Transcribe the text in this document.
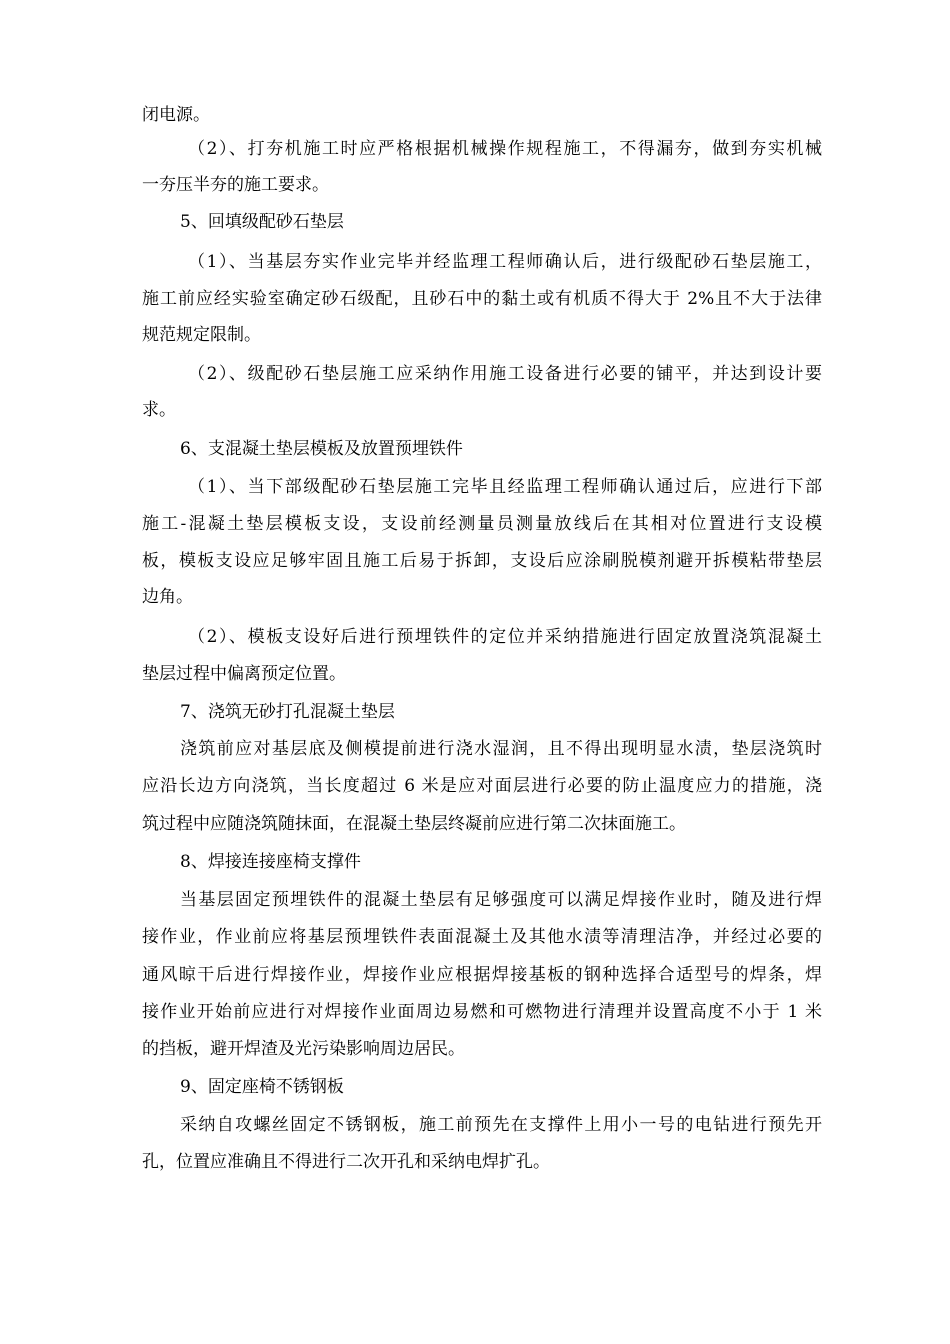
闭电源。
（2）、打夯机施工时应严格根据机械操作规程施工，不得漏夯，做到夯实机械
一夯压半夯的施工要求。
5、回填级配砂石垫层
（1）、当基层夯实作业完毕并经监理工程师确认后，进行级配砂石垫层施工，
施工前应经实验室确定砂石级配，且砂石中的黏土或有机质不得大于 2%且不大于法律
规范规定限制。
（2）、级配砂石垫层施工应采纳作用施工设备进行必要的铺平，并达到设计要
求。
6、支混凝土垫层模板及放置预埋铁件
（1）、当下部级配砂石垫层施工完毕且经监理工程师确认通过后，应进行下部
施工-混凝土垫层模板支设，支设前经测量员测量放线后在其相对位置进行支设模
板，模板支设应足够牢固且施工后易于拆卸，支设后应涂刷脱模剂避开拆模粘带垫层
边角。
（2）、模板支设好后进行预埋铁件的定位并采纳措施进行固定放置浇筑混凝土
垫层过程中偏离预定位置。
7、浇筑无砂打孔混凝土垫层
浇筑前应对基层底及侧模提前进行浇水湿润，且不得出现明显水渍，垫层浇筑时
应沿长边方向浇筑，当长度超过 6 米是应对面层进行必要的防止温度应力的措施，浇
筑过程中应随浇筑随抹面，在混凝土垫层终凝前应进行第二次抹面施工。
8、焊接连接座椅支撑件
当基层固定预埋铁件的混凝土垫层有足够强度可以满足焊接作业时，随及进行焊
接作业，作业前应将基层预埋铁件表面混凝土及其他水渍等清理洁净，并经过必要的
通风晾干后进行焊接作业，焊接作业应根据焊接基板的钢种选择合适型号的焊条，焊
接作业开始前应进行对焊接作业面周边易燃和可燃物进行清理并设置高度不小于 1 米
的挡板，避开焊渣及光污染影响周边居民。
9、固定座椅不锈钢板
采纳自攻螺丝固定不锈钢板，施工前预先在支撑件上用小一号的电钻进行预先开
孔，位置应准确且不得进行二次开孔和采纳电焊扩孔。
